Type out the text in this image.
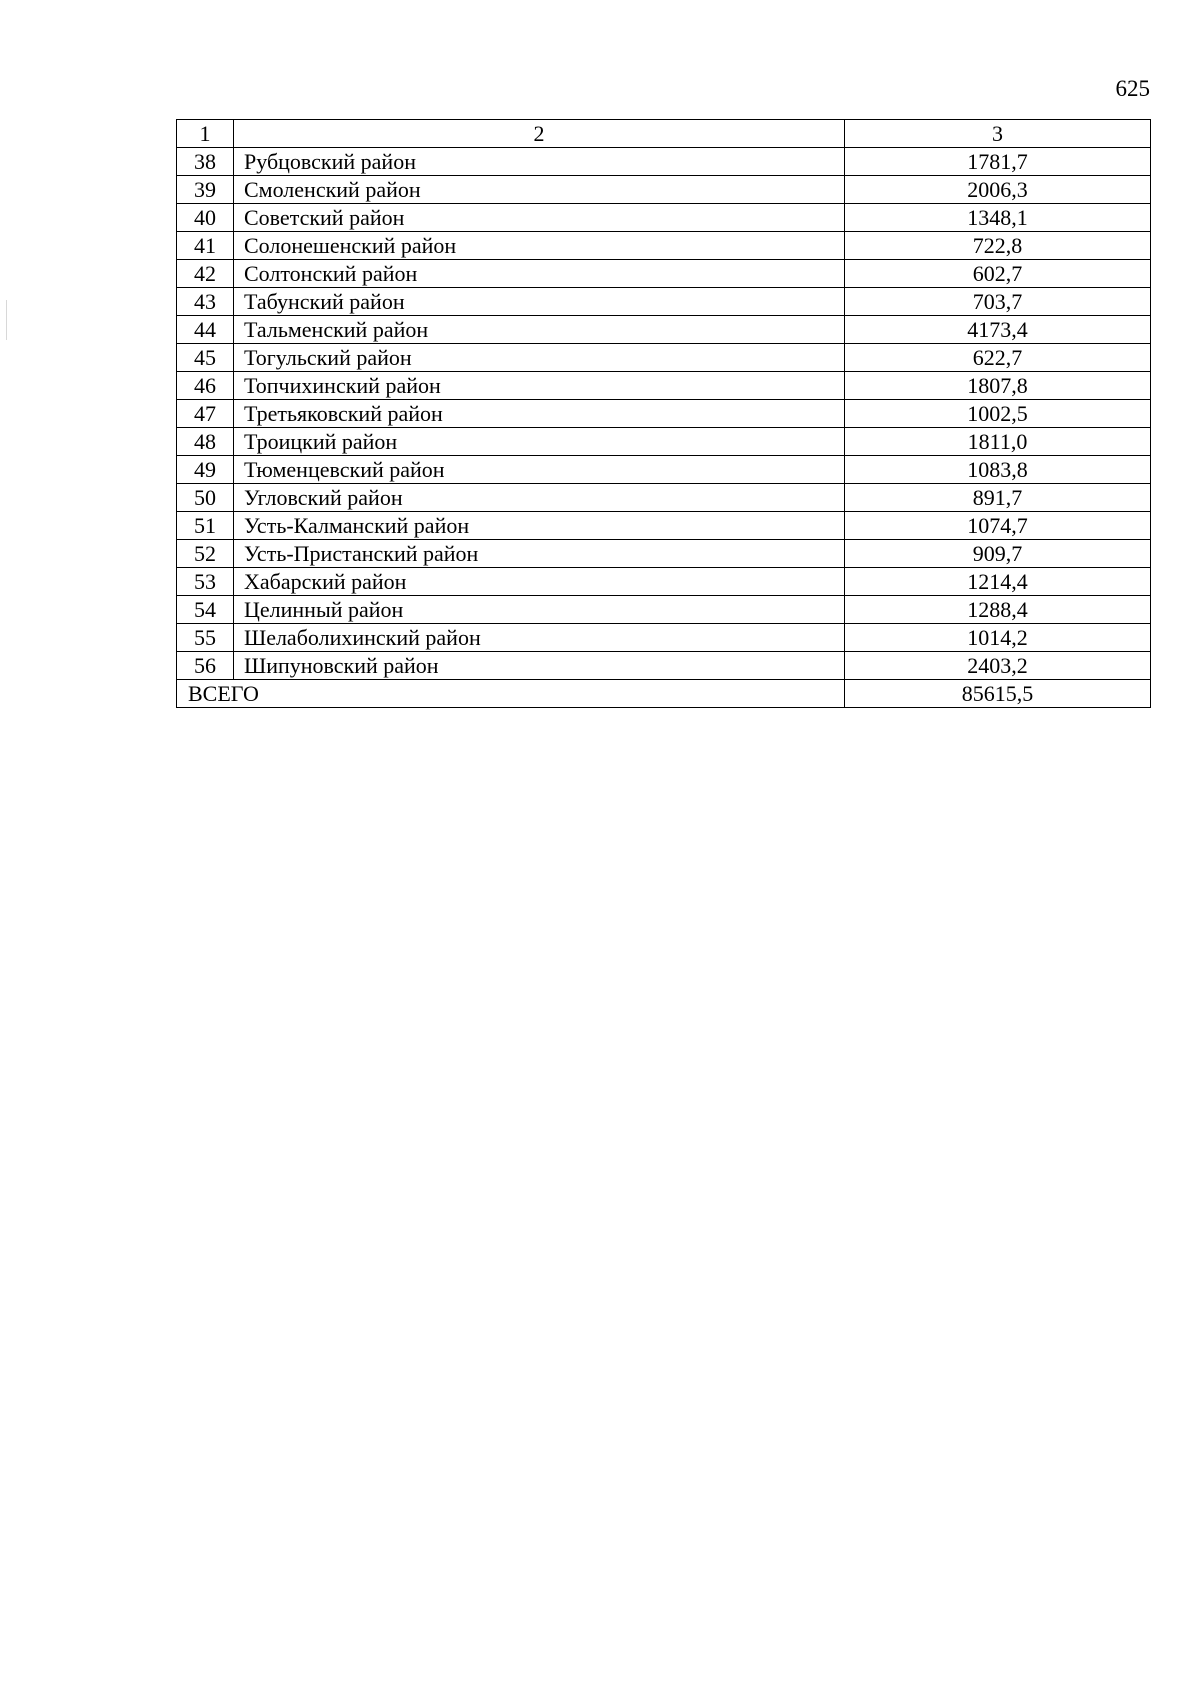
625
1	2	3
38	Рубцовский район	1781,7
39	Смоленский район	2006,3
40	Советский район	1348,1
41	Солонешенский район	722,8
42	Солтонский район	602,7
43	Табунский район	703,7
44	Тальменский район	4173,4
45	Тогульский район	622,7
46	Топчихинский район	1807,8
47	Третьяковский район	1002,5
48	Троицкий район	1811,0
49	Тюменцевский район	1083,8
50	Угловский район	891,7
51	Усть-Калманский район	1074,7
52	Усть-Пристанский район	909,7
53	Хабарский район	1214,4
54	Целинный район	1288,4
55	Шелаболихинский район	1014,2
56	Шипуновский район	2403,2
ВСЕГО		85615,5
